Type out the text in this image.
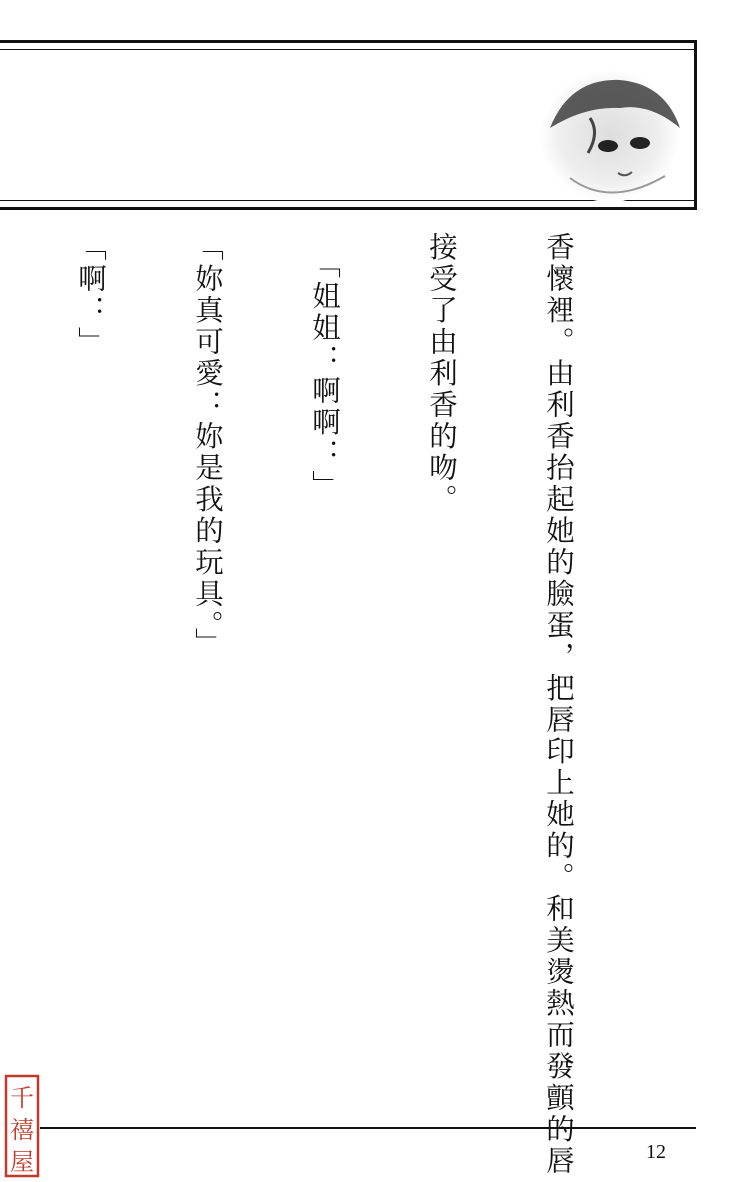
香懷裡。由利香抬起她的臉蛋，把唇印上她的。和美燙熱而發顫的唇

接受了由利香的吻。

　「姐姐：啊啊：」

「妳真可愛：妳是我的玩具。」

「啊：」

12
千
禧
屋
